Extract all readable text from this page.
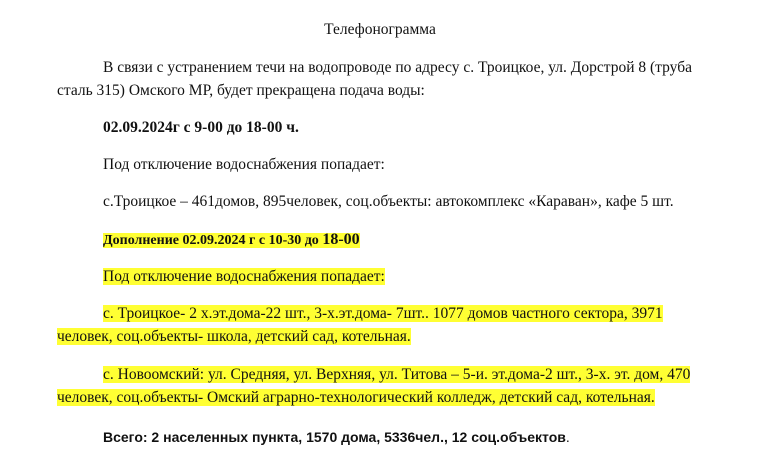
Телефонограмма
В связи с устранением течи на водопроводе по адресу с. Троицкое, ул. Дорстрой 8 (труба
сталь 315) Омского МР, будет прекращена подача воды:
02.09.2024г с 9-00 до 18-00 ч.
Под отключение водоснабжения попадает:
с.Троицкое – 461домов, 895человек, соц.объекты: автокомплекс «Караван», кафе 5 шт.
Дополнение 02.09.2024 г с 10-30 до 18-00
Под отключение водоснабжения попадает:
с. Троицкое- 2 х.эт.дома-22 шт., 3-х.эт.дома- 7шт.. 1077 домов частного сектора, 3971
человек, соц.объекты- школа, детский сад, котельная.
с. Новоомский: ул. Средняя, ул. Верхняя, ул. Титова – 5-и. эт.дома-2 шт., 3-х. эт. дом, 470
человек, соц.объекты- Омский аграрно-технологический колледж, детский сад, котельная.
Всего: 2 населенных пункта, 1570 дома, 5336чел., 12 соц.объектов.
